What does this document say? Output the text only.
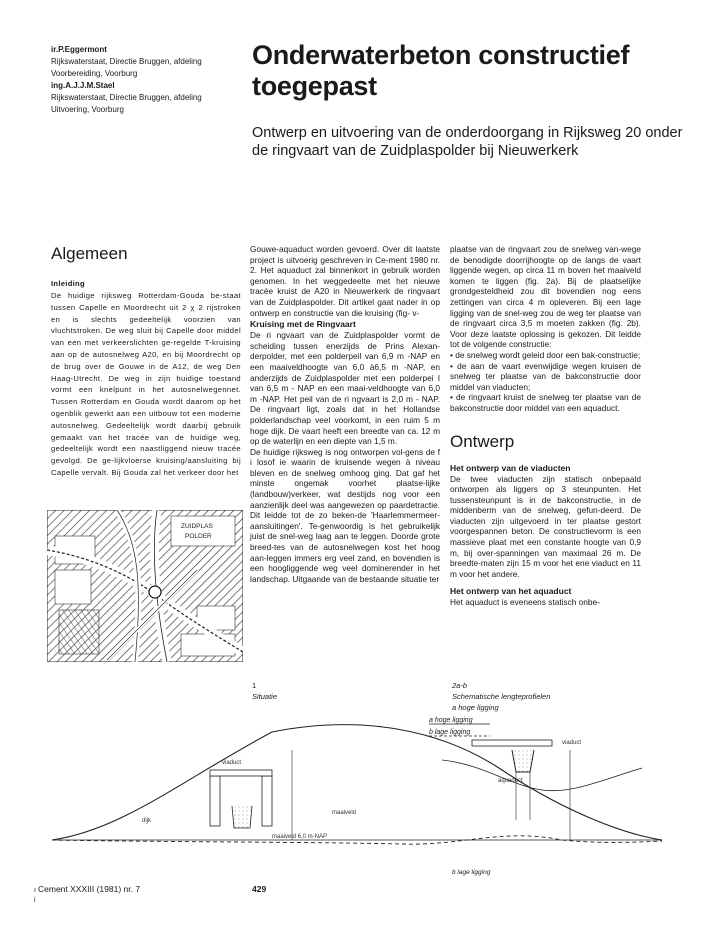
ir.P.Eggermont
Rijkswaterstaat, Directie Bruggen, afdeling
Voorbereiding, Voorburg
ing.A.J.J.M.Stael
Rijkswaterstaat, Directie Bruggen, afdeling
Uitvoering, Voorburg
Onderwaterbeton constructief
toegepast
Ontwerp en uitvoering van de onderdoorgang in Rijksweg 20 onder de ringvaart van de Zuidplaspolder bij Nieuwerkerk
Algemeen
Inleiding

De huidige rijksweg Rotterdam-Gouda be-staat tussen Capelle en Moordrecht uit 2 χ 2 rijstroken en is slechts gedeeltelijk voorzien van vluchtstroken. De weg sluit bij Capelle door middel van een met verkeerslichten ge-regelde T-kruising aan op de autosnelweg A20, en bij Moordrecht op de brug over de Gouwe in de A12, de weg Den Haag-Utrecht. De weg in zijn huidige toestand vormt een knelpunt in het autosnelwegennet. Tussen Rotterdam en Gouda wordt daarom op het ogenblik gewerkt aan een uitbouw tot een moderne autosnelweg. Gedeeltelijk wordt daarbij gebruik gemaakt van het tracée van de huidige weg, gedeeltelijk wordt een naastliggend nieuw tracée gevolgd. De ge-lijkvloerse kruising/aansluiting bij Capelle vervalt. Bij Gouda zal het verkeer door het

ZUIDPLAS
POLDER

Gouwe-aquaduct worden gevoerd. Over dit laatste project is uitvoerig geschreven in Ce-ment 1980 nr. 2. Het aquaduct zal binnenkort in gebruik worden genomen. In het weggedeelte met het nieuwe tracée kruist de A20 in Nieuwerkerk de ringvaart van de Zuidplaspolder. Dit artikel gaat nader in op ontwerp en constructie van die kruising (fig- v-

Kruising met de Ringvaart

De ri ngvaart van de Zuidplaspolder vormt de scheiding tussen enerzijds de Prins Alexan-derpolder, met een polderpeil van 6,9 m -NAP en een maaiveldhoogte van 6,0 à6,5 m -NAP, en anderzijds de Zuidplaspolder met een polderpei I van 6,5 m - NAP en een maai-veldhoogte van 6,0 m -NAP. Het peil van de ri ngvaart is 2,0 m - NAP. De ringvaart ligt, zoals dat in het Hollandse polderlandschap veel voorkomt, in een ruim 5 m hoge dijk. De vaart heeft een breedte van ca. 12 m op de waterlijn en een diepte van 1,5 m.

De huidige rijksweg is nog ontworpen vol-gens de f i losof ie waarin de kruisende wegen à niveau bleven en de snelweg omhoog ging. Dat gaf het minste ongemak voorhet plaatse-lijke (landbouw)verkeer, wat destijds nog voor een aanzienlijk deel was aangewezen op paardetractie. Dit leidde tot de zo beken-de 'Haarlemmermeer-aansluitingen'. Te-genwoordig is het gebruikelijk juist de snel-weg laag aan te leggen. Doorde grote breed-tes van de autosnelwegen kost het hoog aan-leggen immers erg veel zand, en bovendien is een hoogliggende weg veel dominerender in het landschap. Uitgaande van de bestaande situatie ter

plaatse van de ringvaart zou de snelweg van-wege de benodigde doorrijhoogte op de langs de vaart liggende wegen, op circa 11 m boven het maaiveld komen te liggen (fig. 2a). Bij de plaatselijke grondgesteldheid zou dit bovendien nog eens zettingen van circa 4 m opleveren. Bij een lage ligging van de snel-weg zou de weg ter plaatse van de ringvaart circa 3,5 m moeten zakken (fig. 2b). Voor deze laatste oplossing is gekozen. Dit leidde tot de volgende constructie:

• de snelweg wordt geleid door een bak-constructie;
• de aan de vaart evenwijdige wegen kruisen de snelweg ter plaatse van de bakconstructie door middel van viaducten;
• de ringvaart kruist de snelweg ter plaatse van de bakconstructie door middel van een aquaduct.
Ontwerp
Het ontwerp van de viaducten

De twee viaducten zijn statisch onbepaald ontworpen als liggers op 3 steunpunten. Het tussensteunpunt is in de bakconstructie, in de middenberm van de snelweg, gefun-deerd. De viaducten zijn uitgevoerd in ter plaatse gestort voorgespannen beton. De constructievorm is een massieve plaat met een constante hoogte van 0,9 m, bij over-spanningen van maximaal 26 m. De breedte-maten zijn 15 m voor het ene viaduct en 11 m voor het andere.

Het ontwerp van het aquaduct

Het aquaduct is eveneens statisch onbe-

1
Situatie
2a-b
Schematische lengteprofielen
a hoge ligging
a hoge ligging
b lage ligging
viaduct
maaiveld
dijk
maaiveld 6,0 m-NAP
viaduct
aquaduct
b lage ligging
ı
i
Cement XXXIII (1981) nr. 7	429
